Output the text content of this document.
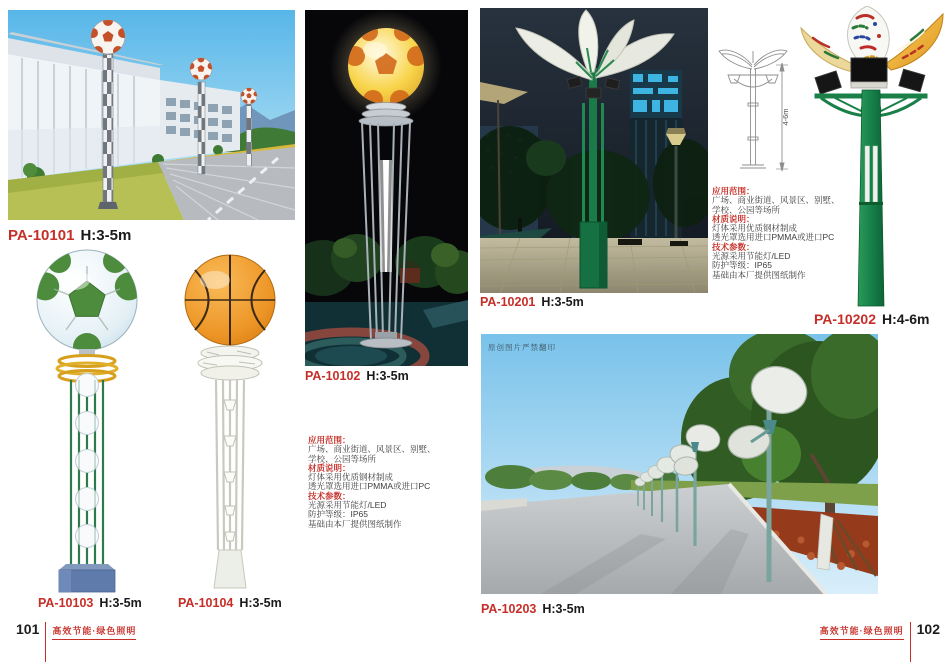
PA-10101 H:3-5m
PA-10103 H:3-5m	PA-10104 H:3-5m
PA-10102 H:3-5m
应用范围：
广场、商业街道、风景区、别墅、
学校、公园等场所
材质说明：
灯体采用优质钢材制成
透光罩选用进口PMMA或进口PC
技术参数：
光源采用节能灯/LED
防护等级：IP65
基础由本厂提供图纸制作
PA-10201 H:3-5m
4-6m
PA-10202 H:4-6m
应用范围：
广场、商业街道、风景区、别墅、
学校、公园等场所
材质说明：
灯体采用优质钢材制成
透光罩选用进口PMMA或进口PC
技术参数：
光源采用节能灯/LED
防护等级：IP65
基础由本厂提供图纸制作
原创图片严禁翻印
PA-10203 H:3-5m
101 高效节能·绿色照明	高效节能·绿色照明 102
